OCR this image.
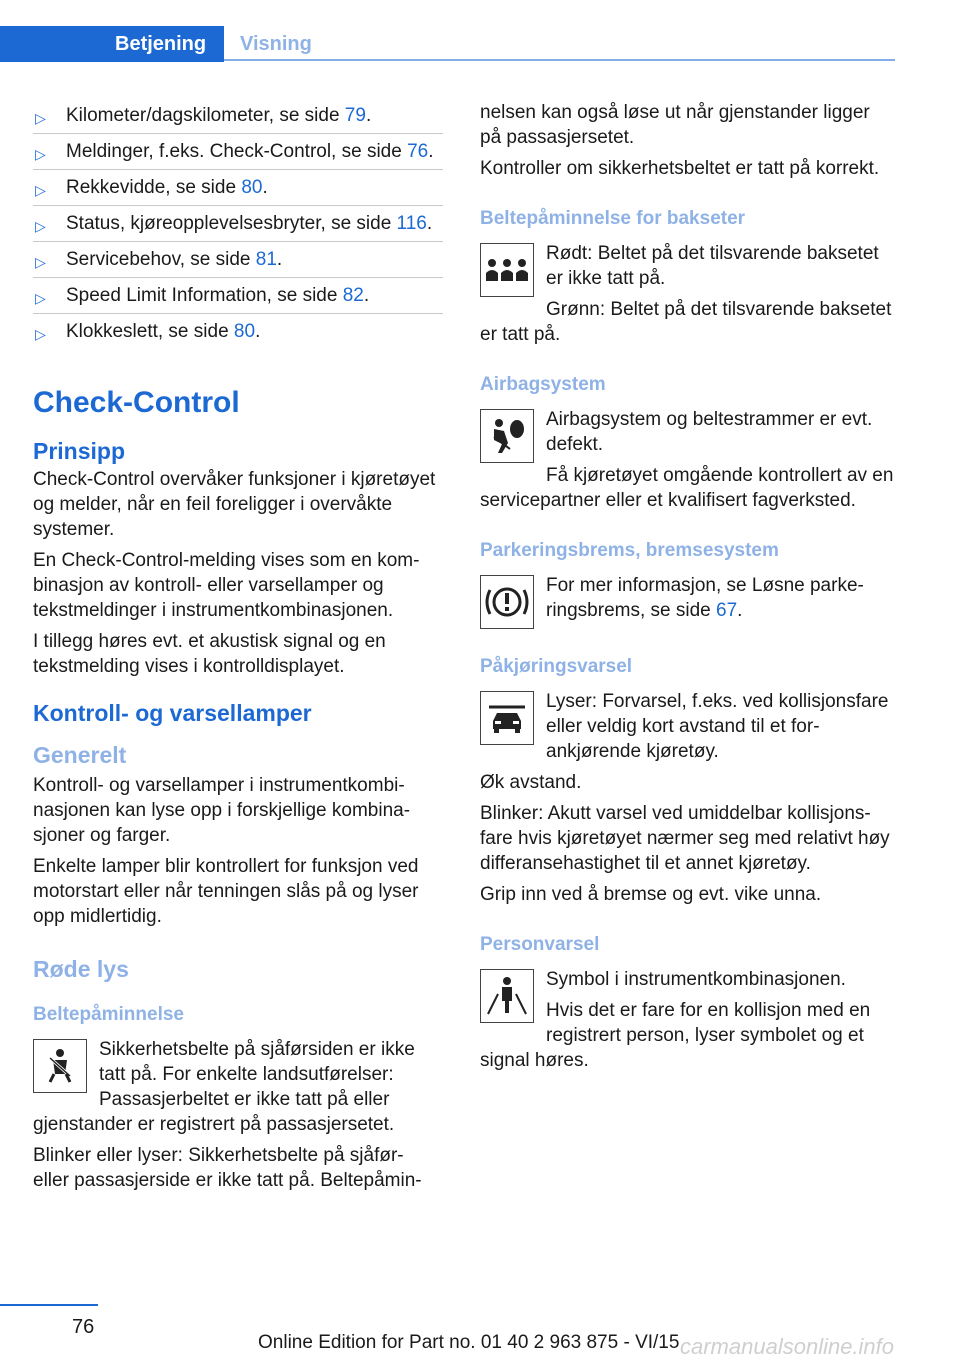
Betjening	Visning
▷ Kilometer/dagskilometer, se side 79.
▷ Meldinger, f.eks. Check-Control, se side 76.
▷ Rekkevidde, se side 80.
▷ Status, kjøreopplevelsesbryter, se side 116.
▷ Servicebehov, se side 81.
▷ Speed Limit Information, se side 82.
▷ Klokkeslett, se side 80.
Check-Control
Prinsipp

Check-Control overvåker funksjoner i kjøretøyet og melder, når en feil foreligger i overvåkte systemer.

En Check-Control-melding vises som en kombinasjon av kontroll- eller varsellamper og tekstmeldinger i instrumentkombinasjonen.

I tillegg høres evt. et akustisk signal og en tekstmelding vises i kontrolldisplayet.

Kontroll- og varsellamper
Generelt

Kontroll- og varsellamper i instrumentkombinasjonen kan lyse opp i forskjellige kombinasjoner og farger.

Enkelte lamper blir kontrollert for funksjon ved motorstart eller når tenningen slås på og lyser opp midlertidig.

Røde lys
Beltepåminnelse

Sikkerhetsbelte på sjåførsiden er ikke tatt på. For enkelte landsutførelser: Passasjerbeltet er ikke tatt på eller gjenstander er registrert på passasjersetet.

Blinker eller lyser: Sikkerhetsbelte på sjåfør- eller passasjerside er ikke tatt på. Beltepåmin-

nelsen kan også løse ut når gjenstander ligger på passasjersetet.

Kontroller om sikkerhetsbeltet er tatt på korrekt.

Beltepåminnelse for bakseter

Rødt: Beltet på det tilsvarende baksetet er ikke tatt på.

Grønn: Beltet på det tilsvarende baksetet er tatt på.

Airbagsystem

Airbagsystem og beltestrammer er evt. defekt.

Få kjøretøyet omgående kontrollert av en servicepartner eller et kvalifisert fagverksted.

Parkeringsbrems, bremsesystem

For mer informasjon, se Løsne parkeringsbrems, se side 67.

Påkjøringsvarsel

Lyser: Forvarsel, f.eks. ved kollisjonsfare eller veldig kort avstand til et forankjørende kjøretøy.

Øk avstand.

Blinker: Akutt varsel ved umiddelbar kollisjonsfare hvis kjøretøyet nærmer seg med relativt høy differansehastighet til et annet kjøretøy.

Grip inn ved å bremse og evt. vike unna.

Personvarsel

Symbol i instrumentkombinasjonen.

Hvis det er fare for en kollisjon med en registrert person, lyser symbolet og et signal høres.

76
Online Edition for Part no. 01 40 2 963 875 - VI/15 carmanualsonline.info
